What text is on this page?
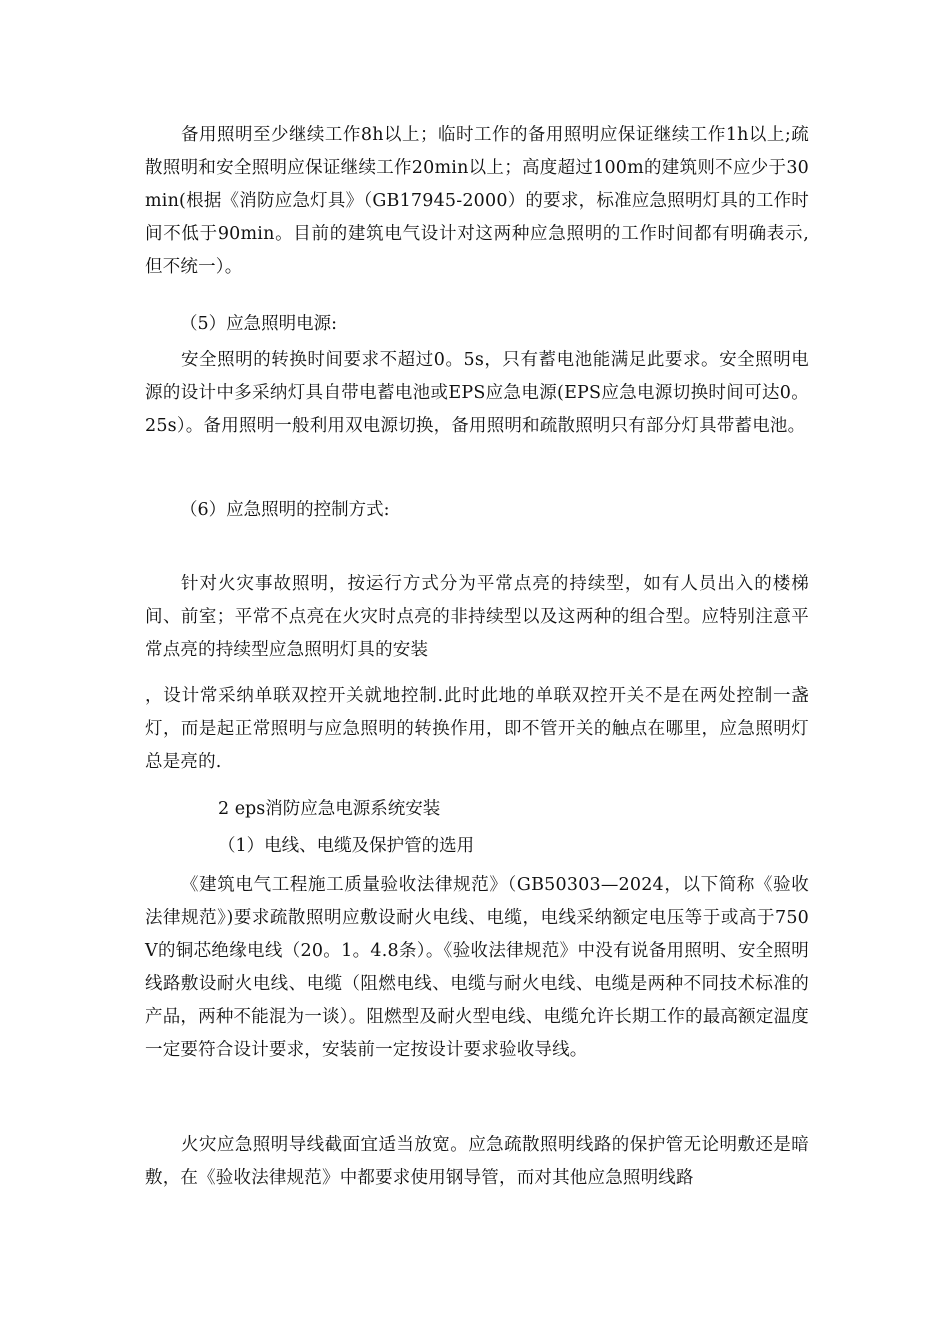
备用照明至少继续工作8h以上；临时工作的备用照明应保证继续工作1h以上;疏散照明和安全照明应保证继续工作20min以上；高度超过100m的建筑则不应少于30min(根据《消防应急灯具》（GB17945-2000）的要求，标准应急照明灯具的工作时间不低于90min。目前的建筑电气设计对这两种应急照明的工作时间都有明确表示,但不统一）。

（5）应急照明电源:

安全照明的转换时间要求不超过0。5s，只有蓄电池能满足此要求。安全照明电源的设计中多采纳灯具自带电蓄电池或EPS应急电源(EPS应急电源切换时间可达0。25s）。备用照明一般利用双电源切换，备用照明和疏散照明只有部分灯具带蓄电池。

（6）应急照明的控制方式:

针对火灾事故照明，按运行方式分为平常点亮的持续型，如有人员出入的楼梯间、前室；平常不点亮在火灾时点亮的非持续型以及这两种的组合型。应特别注意平常点亮的持续型应急照明灯具的安装

，设计常采纳单联双控开关就地控制.此时此地的单联双控开关不是在两处控制一盏灯，而是起正常照明与应急照明的转换作用，即不管开关的触点在哪里，应急照明灯总是亮的.

2 eps消防应急电源系统安装

（1）电线、电缆及保护管的选用

《建筑电气工程施工质量验收法律规范》（GB50303—2024，以下简称《验收法律规范》)要求疏散照明应敷设耐火电线、电缆，电线采纳额定电压等于或高于750V的铜芯绝缘电线（20。1。4.8条）。《验收法律规范》中没有说备用照明、安全照明线路敷设耐火电线、电缆（阻燃电线、电缆与耐火电线、电缆是两种不同技术标准的产品，两种不能混为一谈）。阻燃型及耐火型电线、电缆允许长期工作的最高额定温度一定要符合设计要求，安装前一定按设计要求验收导线。

火灾应急照明导线截面宜适当放宽。应急疏散照明线路的保护管无论明敷还是暗敷，在《验收法律规范》中都要求使用钢导管，而对其他应急照明线路
